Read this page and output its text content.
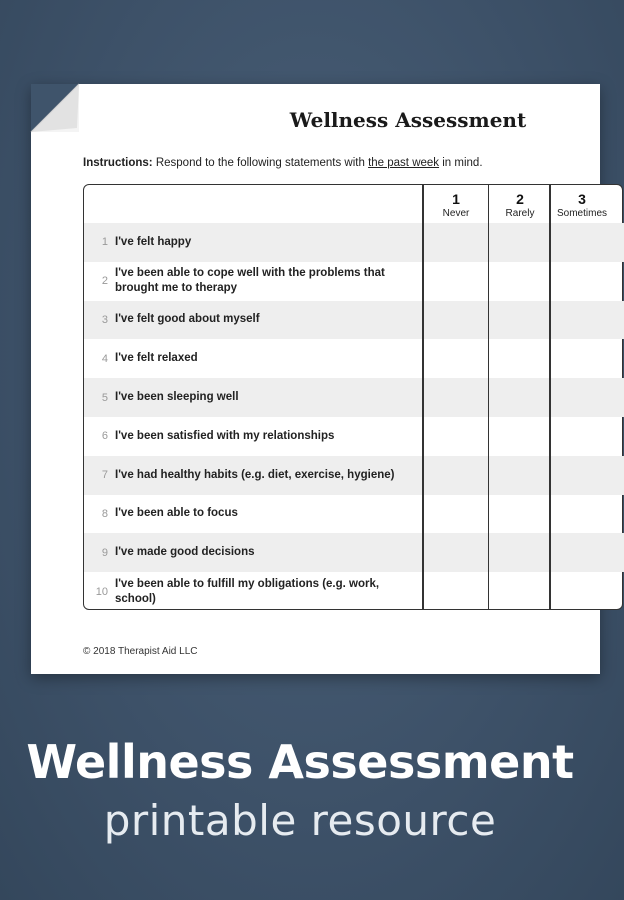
Wellness Assessment
Instructions: Respond to the following statements with the past week in mind.
1 I've felt happy
2
I've been able to cope well with the problems that brought me to therapy
3 I've felt good about myself
4 I've felt relaxed
5 I've been sleeping well
6 I've been satisfied with my relationships
7 I've had healthy habits (e.g. diet, exercise, hygiene)
8 I've been able to focus
9 I've made good decisions
10
I've been able to fulfill my obligations (e.g. work, school)
1
Never
2
Rarely
3
Sometimes
© 2018 Therapist Aid LLC
Wellness Assessment
printable resource
